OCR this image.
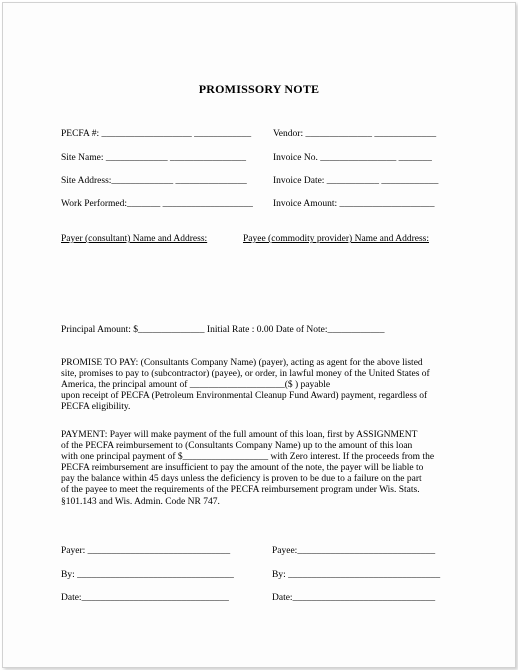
PROMISSORY NOTE
PECFA #: ___________________ ____________ Vendor: ______________ _____________
Site Name: _____________ ________________	Invoice No. ________________ _______
Site Address:_____________ _______________	Invoice Date: ___________ ____________
Work Performed:_______ ___________________ Invoice Amount: ____________________
Payer (consultant) Name and Address:	Payee (commodity provider) Name and Address:
Principal Amount: $______________ Initial Rate : 0.00 Date of Note:____________
PROMISE TO PAY: (Consultants Company Name) (payer), acting as agent for the above listed
site, promises to pay to (subcontractor) (payee), or order, in lawful money of the United States of
America, the principal amount of ____________________($ ) payable
upon receipt of PECFA (Petroleum Environmental Cleanup Fund Award) payment, regardless of
PECFA eligibility.
PAYMENT: Payer will make payment of the full amount of this loan, first by ASSIGNMENT
of the PECFA reimbursement to (Consultants Company Name) up to the amount of this loan
with one principal payment of $__________________ with Zero interest. If the proceeds from the
PECFA reimbursement are insufficient to pay the amount of the note, the payer will be liable to
pay the balance within 45 days unless the deficiency is proven to be due to a failure on the part
of the payee to meet the requirements of the PECFA reimbursement program under Wis. Stats.
§101.143 and Wis. Admin. Code NR 747.
Payer: ______________________________	Payee:_____________________________
By: _________________________________	By: ________________________________
Date:_______________________________	Date:______________________________
